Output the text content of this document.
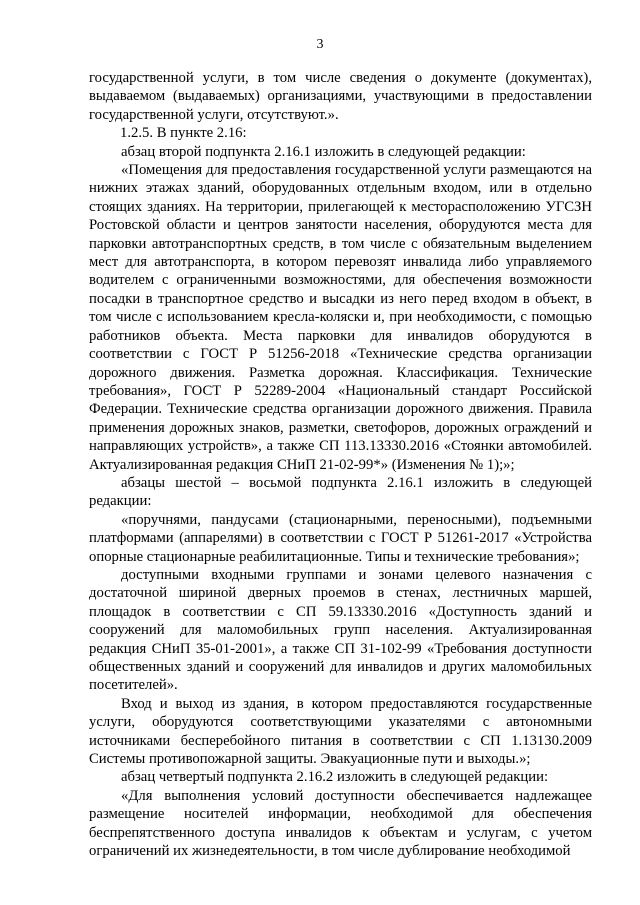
3

государственной услуги, в том числе сведения о документе (документах), выдаваемом (выдаваемых) организациями, участвующими в предоставлении государственной услуги, отсутствуют.».

1.2.5. В пункте 2.16:

абзац второй подпункта 2.16.1 изложить в следующей редакции:

«Помещения для предоставления государственной услуги размещаются на нижних этажах зданий, оборудованных отдельным входом, или в отдельно стоящих зданиях. На территории, прилегающей к месторасположению УГСЗН Ростовской области и центров занятости населения, оборудуются места для парковки автотранспортных средств, в том числе с обязательным выделением мест для автотранспорта, в котором перевозят инвалида либо управляемого водителем с ограниченными возможностями, для обеспечения возможности посадки в транспортное средство и высадки из него перед входом в объект, в том числе с использованием кресла-коляски и, при необходимости, с помощью работников объекта. Места парковки для инвалидов оборудуются в соответствии с ГОСТ Р 51256-2018 «Технические средства организации дорожного движения. Разметка дорожная. Классификация. Технические требования», ГОСТ Р 52289-2004 «Национальный стандарт Российской Федерации. Технические средства организации дорожного движения. Правила применения дорожных знаков, разметки, светофоров, дорожных ограждений и направляющих устройств», а также СП 113.13330.2016 «Стоянки автомобилей. Актуализированная редакция СНиП 21-02-99*» (Изменения № 1);»;

абзацы шестой – восьмой подпункта 2.16.1 изложить в следующей редакции:

«поручнями, пандусами (стационарными, переносными), подъемными платформами (аппарелями) в соответствии с ГОСТ Р 51261-2017 «Устройства опорные стационарные реабилитационные. Типы и технические требования»;

доступными входными группами и зонами целевого назначения с достаточной шириной дверных проемов в стенах, лестничных маршей, площадок в соответствии с СП 59.13330.2016 «Доступность зданий и сооружений для маломобильных групп населения. Актуализированная редакция СНиП 35-01-2001», а также СП 31-102-99 «Требования доступности общественных зданий и сооружений для инвалидов и других маломобильных посетителей».

Вход и выход из здания, в котором предоставляются государственные услуги, оборудуются соответствующими указателями с автономными источниками бесперебойного питания в соответствии с СП 1.13130.2009 Системы противопожарной защиты. Эвакуационные пути и выходы.»;

абзац четвертый подпункта 2.16.2 изложить в следующей редакции:

«Для выполнения условий доступности обеспечивается надлежащее размещение носителей информации, необходимой для обеспечения беспрепятственного доступа инвалидов к объектам и услугам, с учетом ограничений их жизнедеятельности, в том числе дублирование необходимой
